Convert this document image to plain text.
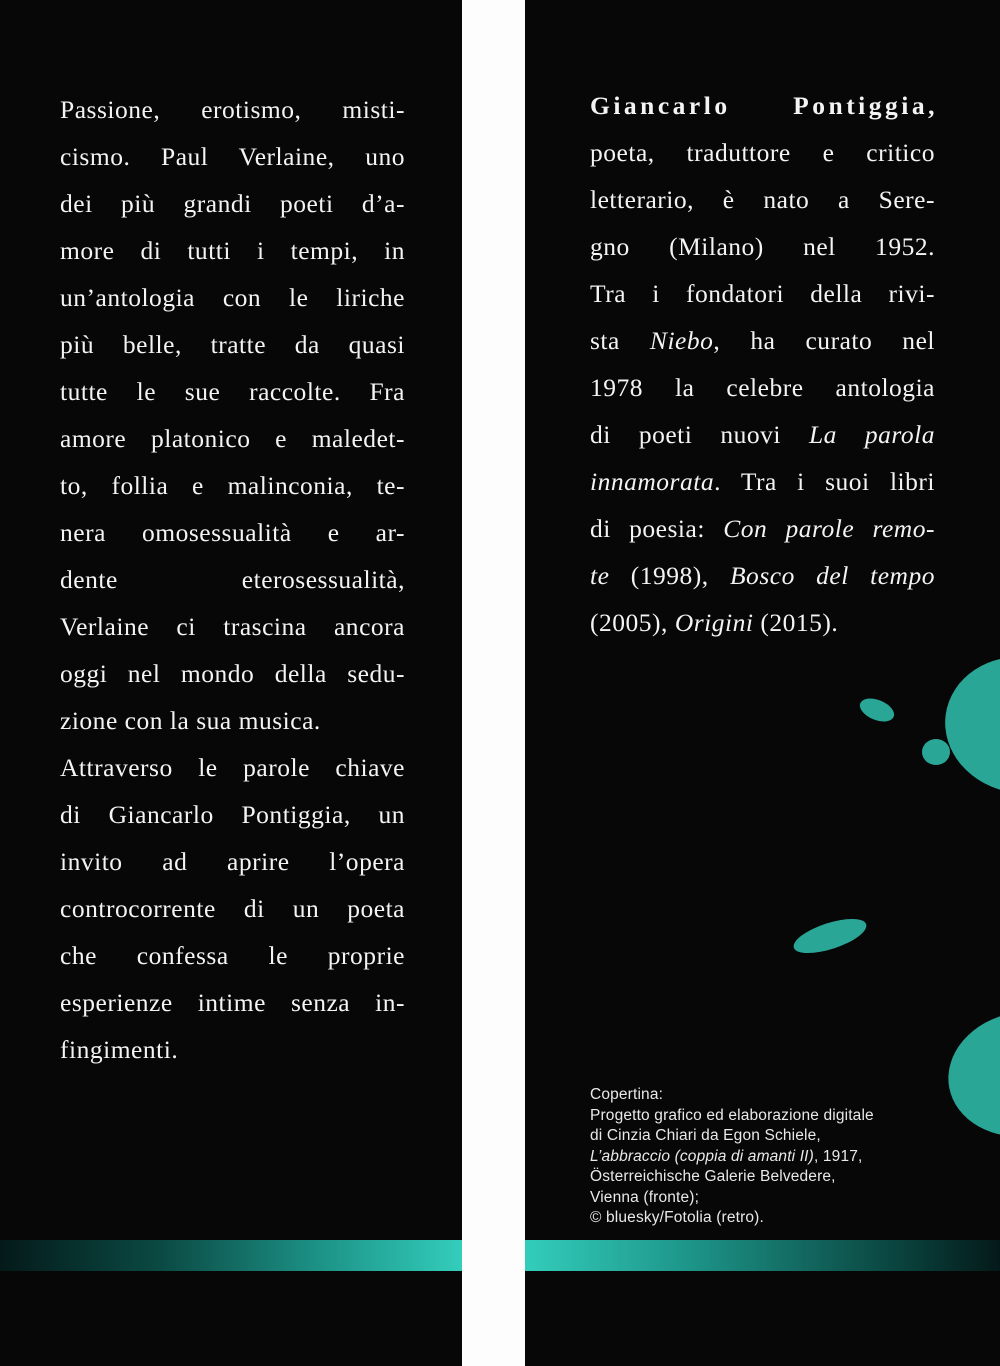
Passione, erotismo, misti-
cismo. Paul Verlaine, uno
dei più grandi poeti d’a-
more di tutti i tempi, in
un’antologia con le liriche
più belle, tratte da quasi
tutte le sue raccolte. Fra
amore platonico e maledet-
to, follia e malinconia, te-
nera omosessualità e ar-
dente eterosessualità,
Verlaine ci trascina ancora
oggi nel mondo della sedu-
zione con la sua musica.
Attraverso le parole chiave
di Giancarlo Pontiggia, un
invito ad aprire l’opera
controcorrente di un poeta
che confessa le proprie
esperienze intime senza in-
fingimenti.
Giancarlo Pontiggia,
poeta, traduttore e critico
letterario, è nato a Sere-
gno (Milano) nel 1952.
Tra i fondatori della rivi-
sta Niebo, ha curato nel
1978 la celebre antologia
di poeti nuovi La parola
innamorata. Tra i suoi libri
di poesia: Con parole remo-
te (1998), Bosco del tempo
(2005), Origini (2015).
Copertina:
Progetto grafico ed elaborazione digitale
di Cinzia Chiari da Egon Schiele,
L’abbraccio (coppia di amanti II), 1917,
Österreichische Galerie Belvedere,
Vienna (fronte);
© bluesky/Fotolia (retro).
